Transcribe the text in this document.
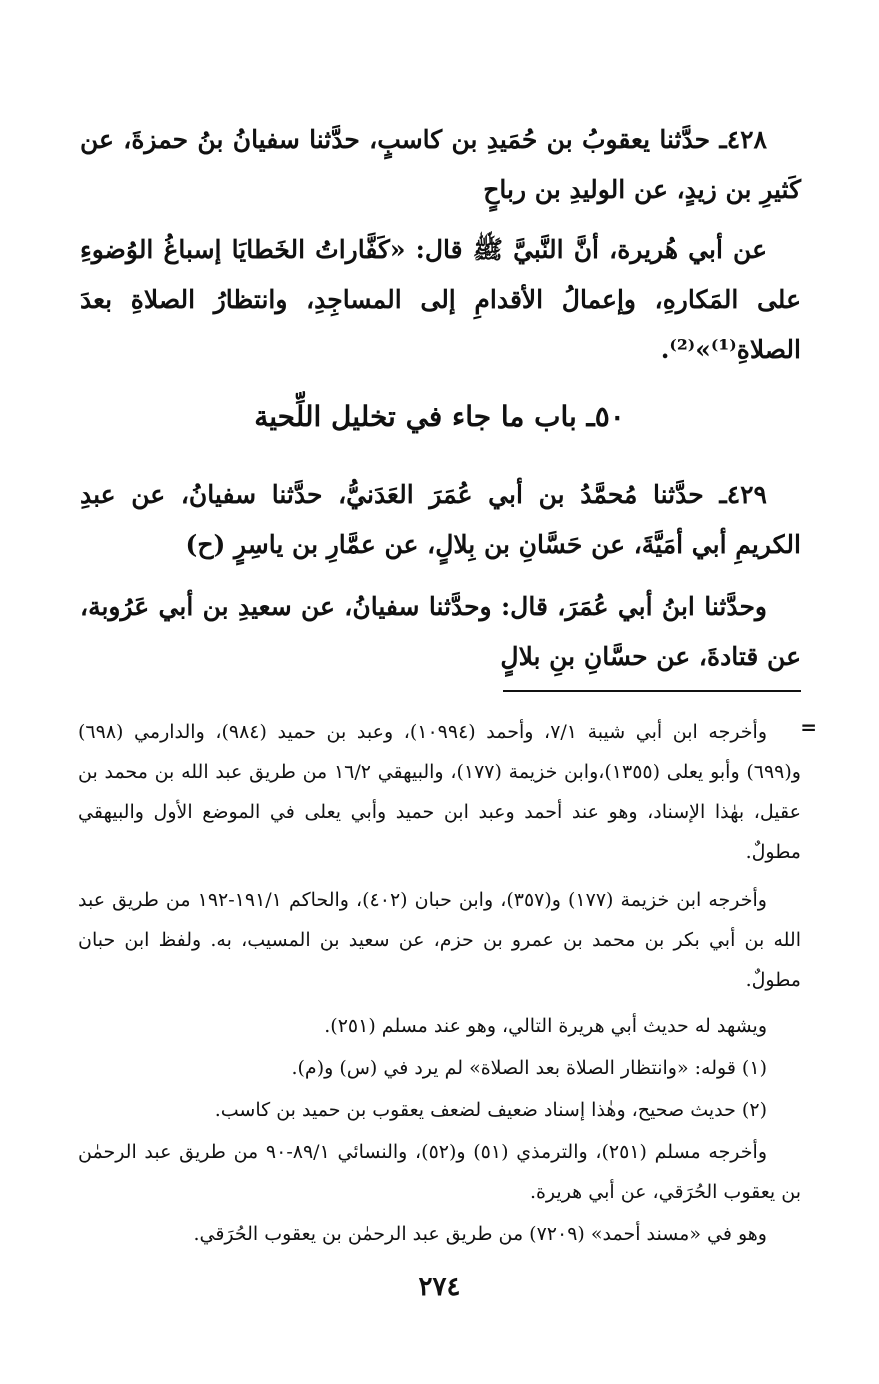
٤٢٨ـ حدَّثنا يعقوبُ بن حُمَيدِ بن كاسبٍ، حدَّثنا سفيانُ بنُ حمزةَ، عن كَثيرِ بن زيدٍ، عن الوليدِ بن رباحٍ

عن أبي هُريرة، أنَّ النَّبيَّ ﷺ قال: «كَفَّاراتُ الخَطايَا إسباغُ الوُضوءِ على المَكارهِ، وإعمالُ الأقدامِ إلى المساجِدِ، وانتظارُ الصلاةِ بعدَ الصلاةِ⁽¹⁾»⁽²⁾.

٥٠ـ باب ما جاء في تخليل اللِّحية

٤٢٩ـ حدَّثنا مُحمَّدُ بن أبي عُمَرَ العَدَنيُّ، حدَّثنا سفيانُ، عن عبدِ الكريمِ أبي أمَيَّةَ، عن حَسَّانِ بن بِلالٍ، عن عمَّارِ بن ياسِرٍ (ح)

وحدَّثنا ابنُ أبي عُمَرَ، قال: وحدَّثنا سفيانُ، عن سعيدِ بن أبي عَرُوبة، عن قتادةَ، عن حسَّانِ بنِ بلالٍ

=

وأخرجه ابن أبي شيبة ٧/١، وأحمد (١٠٩٩٤)، وعبد بن حميد (٩٨٤)، والدارمي (٦٩٨) و(٦٩٩) وأبو يعلى (١٣٥٥)،وابن خزيمة (١٧٧)، والبيهقي ١٦/٢ من طريق عبد الله بن محمد بن عقيل، بهٰذا الإسناد، وهو عند أحمد وعبد ابن حميد وأبي يعلى في الموضع الأول والبيهقي مطولٌ.

وأخرجه ابن خزيمة (١٧٧) و(٣٥٧)، وابن حبان (٤٠٢)، والحاكم ١٩١/١-١٩٢ من طريق عبد الله بن أبي بكر بن محمد بن عمرو بن حزم، عن سعيد بن المسيب، به. ولفظ ابن حبان مطولٌ.

ويشهد له حديث أبي هريرة التالي، وهو عند مسلم (٢٥١).

(١) قوله: «وانتظار الصلاة بعد الصلاة» لم يرد في (س) و(م).

(٢) حديث صحيح، وهٰذا إسناد ضعيف لضعف يعقوب بن حميد بن كاسب.

وأخرجه مسلم (٢٥١)، والترمذي (٥١) و(٥٢)، والنسائي ٨٩/١-٩٠ من طريق عبد الرحمٰن بن يعقوب الحُرَقي، عن أبي هريرة.

وهو في «مسند أحمد» (٧٢٠٩) من طريق عبد الرحمٰن بن يعقوب الحُرَقي.

٢٧٤
